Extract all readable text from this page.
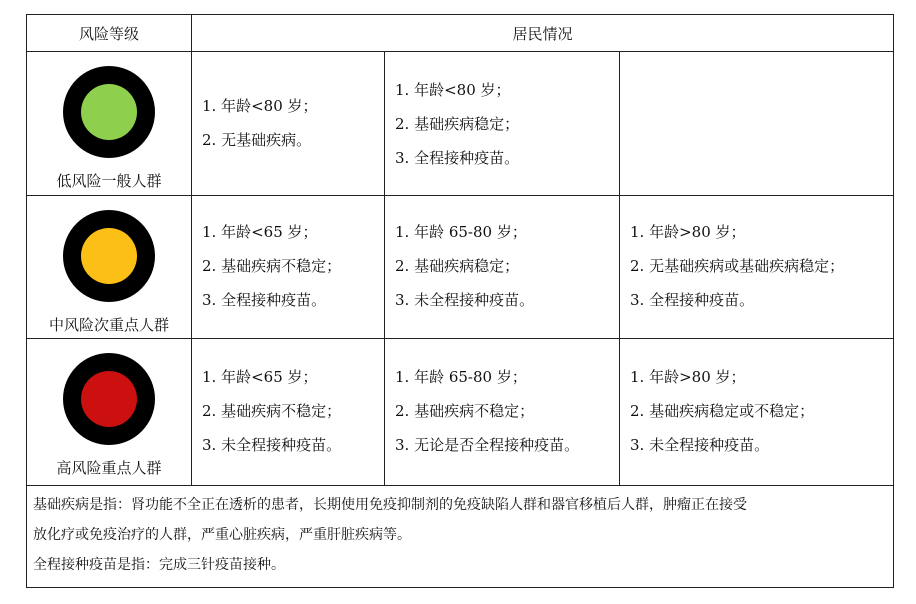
风险等级	居民情况
低风险一般人群
1. 年龄<80 岁；
2. 无基础疾病。
1. 年龄<80 岁；
2. 基础疾病稳定；
3. 全程接种疫苗。
中风险次重点人群
1. 年龄<65 岁；
2. 基础疾病不稳定；
3. 全程接种疫苗。
1. 年龄 65-80 岁；
2. 基础疾病稳定；
3. 未全程接种疫苗。
1. 年龄>80 岁；
2. 无基础疾病或基础疾病稳定；
3. 全程接种疫苗。
高风险重点人群
1. 年龄<65 岁；
2. 基础疾病不稳定；
3. 未全程接种疫苗。
1. 年龄 65-80 岁；
2. 基础疾病不稳定；
3. 无论是否全程接种疫苗。
1. 年龄>80 岁；
2. 基础疾病稳定或不稳定；
3. 未全程接种疫苗。
基础疾病是指：肾功能不全正在透析的患者，长期使用免疫抑制剂的免疫缺陷人群和器官移植后人群，肿瘤正在接受
放化疗或免疫治疗的人群，严重心脏疾病，严重肝脏疾病等。
全程接种疫苗是指：完成三针疫苗接种。
